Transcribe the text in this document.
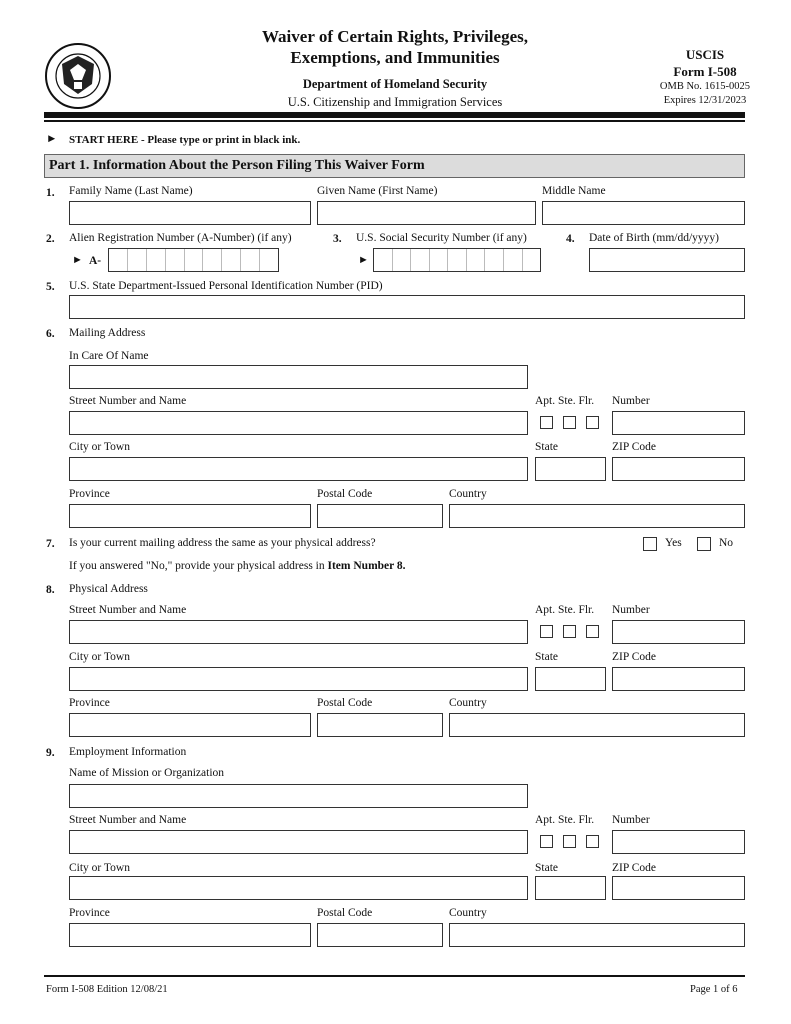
Waiver of Certain Rights, Privileges,
Exemptions, and Immunities
Department of Homeland Security
U.S. Citizenship and Immigration Services
USCIS
Form I-508
OMB No. 1615-0025
Expires 12/31/2023
► START HERE - Please type or print in black ink.
Part 1. Information About the Person Filing This Waiver Form
1. Family Name (Last Name)	Given Name (First Name)	Middle Name
2. Alien Registration Number (A-Number) (if any)
► A-
3. U.S. Social Security Number (if any)
►
4. Date of Birth (mm/dd/yyyy)
5. U.S. State Department-Issued Personal Identification Number (PID)
6. Mailing Address
In Care Of Name
Street Number and Name	Apt. Ste. Flr. Number
City or Town	State	ZIP Code
Province	Postal Code	Country
7. Is your current mailing address the same as your physical address?	Yes	No
If you answered "No," provide your physical address in Item Number 8.
8. Physical Address
Street Number and Name	Apt. Ste. Flr. Number
City or Town	State	ZIP Code
Province	Postal Code	Country
9. Employment Information
Name of Mission or Organization
Street Number and Name	Apt. Ste. Flr. Number
City or Town	State	ZIP Code
Province	Postal Code	Country
Form I-508 Edition 12/08/21	Page 1 of 6
